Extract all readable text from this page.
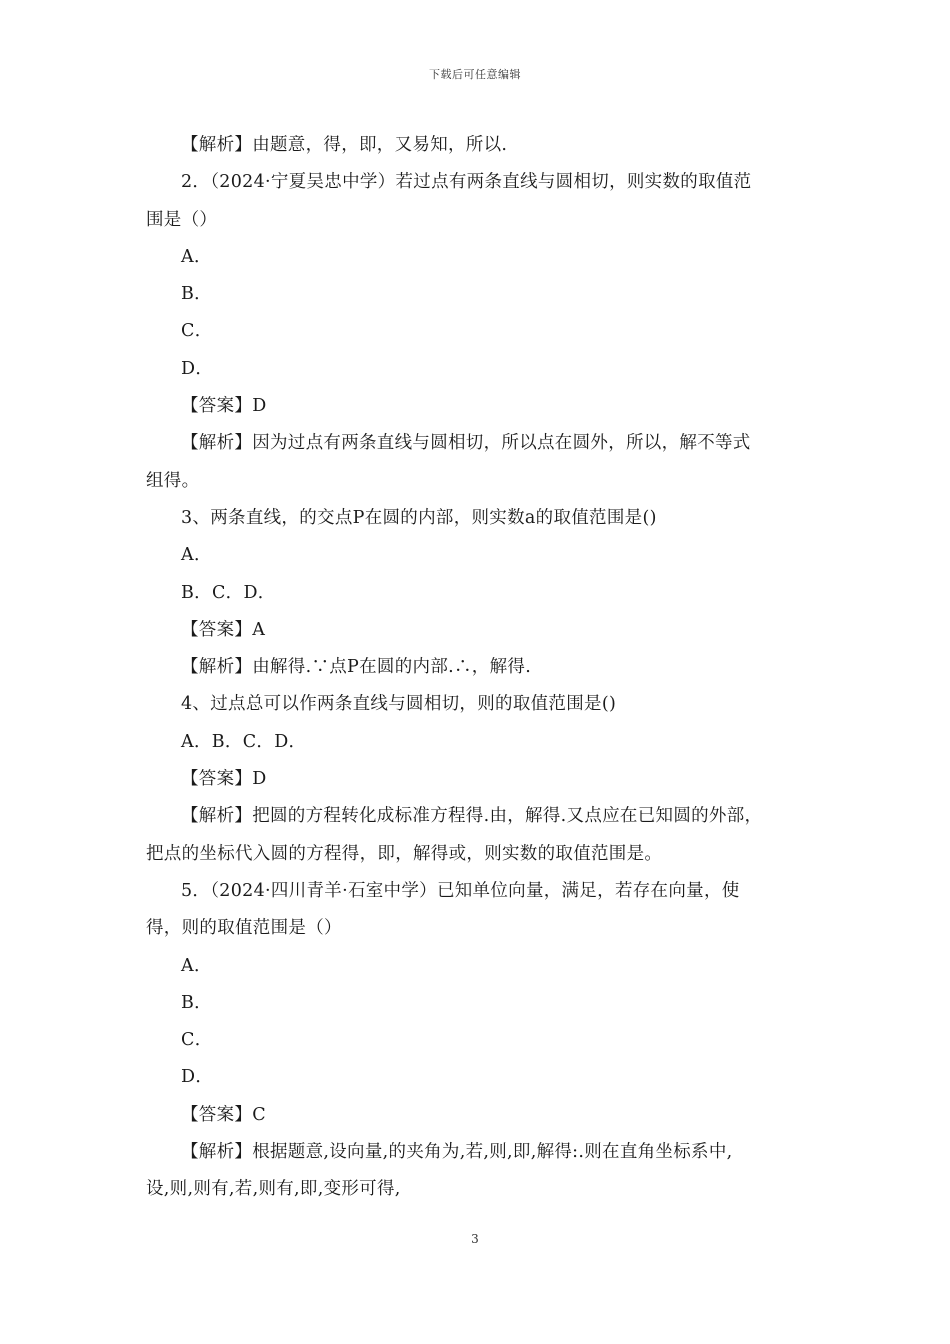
下载后可任意编辑
【解析】由题意，得，即，又易知，所以.
2．（2024·宁夏吴忠中学）若过点有两条直线与圆相切，则实数的取值范
围是（）
A．
B．
C．
D．
【答案】D
【解析】因为过点有两条直线与圆相切，所以点在圆外，所以，解不等式
组得。
3、两条直线，的交点P在圆的内部，则实数a的取值范围是()
A．
B．C．D．
【答案】A
【解析】由解得.∵点P在圆的内部.∴，解得.
4、过点总可以作两条直线与圆相切，则的取值范围是()
A．B．C．D．
【答案】D
【解析】把圆的方程转化成标准方程得.由，解得.又点应在已知圆的外部，
把点的坐标代入圆的方程得，即，解得或，则实数的取值范围是。
5．（2024·四川青羊·石室中学）已知单位向量，满足，若存在向量，使
得，则的取值范围是（）
A．
B．
C．
D．
【答案】C
【解析】根据题意,设向量,的夹角为,若,则,即,解得:.则在直角坐标系中,
设,则,则有,若,则有,即,变形可得,
3
